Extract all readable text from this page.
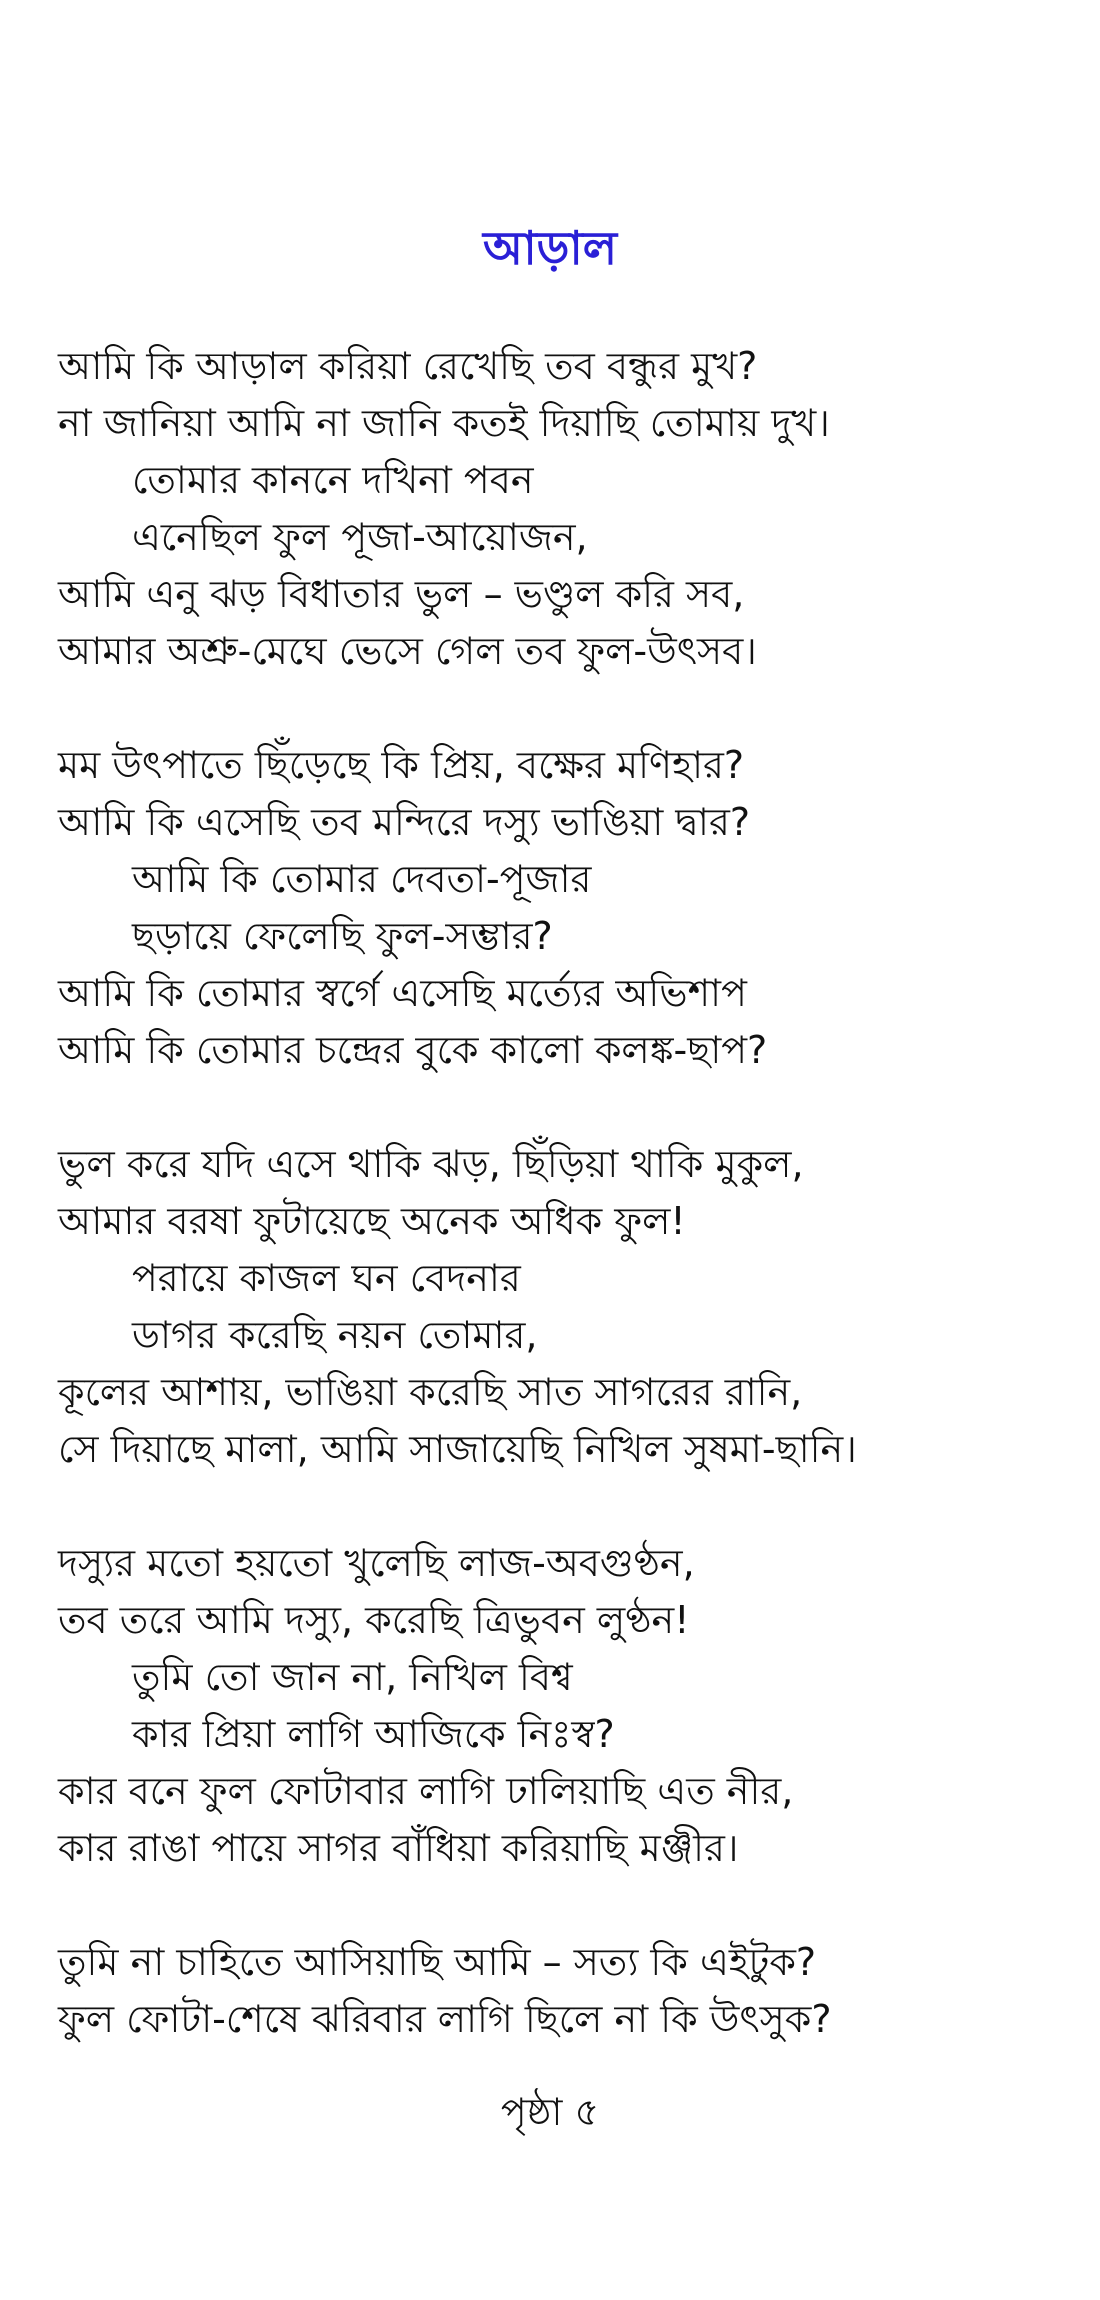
আড়াল
আমি কি আড়াল করিয়া রেখেছি তব বন্ধুর মুখ?
না জানিয়া আমি না জানি কতই দিয়াছি তোমায় দুখ।
তোমার কাননে দখিনা পবন
এনেছিল ফুল পূজা-আয়োজন,
আমি এনু ঝড় বিধাতার ভুল – ভণ্ডুল করি সব,
আমার অশ্রু-মেঘে ভেসে গেল তব ফুল-উৎসব।
মম উৎপাতে ছিঁড়েছে কি প্রিয়, বক্ষের মণিহার?
আমি কি এসেছি তব মন্দিরে দস্যু ভাঙিয়া দ্বার?
আমি কি তোমার দেবতা-পূজার
ছড়ায়ে ফেলেছি ফুল-সম্ভার?
আমি কি তোমার স্বর্গে এসেছি মর্ত্যের অভিশাপ
আমি কি তোমার চন্দ্রের বুকে কালো কলঙ্ক-ছাপ?
ভুল করে যদি এসে থাকি ঝড়, ছিঁড়িয়া থাকি মুকুল,
আমার বরষা ফুটায়েছে অনেক অধিক ফুল!
পরায়ে কাজল ঘন বেদনার
ডাগর করেছি নয়ন তোমার,
কূলের আশায়, ভাঙিয়া করেছি সাত সাগরের রানি,
সে দিয়াছে মালা, আমি সাজায়েছি নিখিল সুষমা-ছানি।
দস্যুর মতো হয়তো খুলেছি লাজ-অবগুণ্ঠন,
তব তরে আমি দস্যু, করেছি ত্রিভুবন লুণ্ঠন!
তুমি তো জান না, নিখিল বিশ্ব
কার প্রিয়া লাগি আজিকে নিঃস্ব?
কার বনে ফুল ফোটাবার লাগি ঢালিয়াছি এত নীর,
কার রাঙা পায়ে সাগর বাঁধিয়া করিয়াছি মঞ্জীর।
তুমি না চাহিতে আসিয়াছি আমি – সত্য কি এইটুক?
ফুল ফোটা-শেষে ঝরিবার লাগি ছিলে না কি উৎসুক?
পৃষ্ঠা ৫
